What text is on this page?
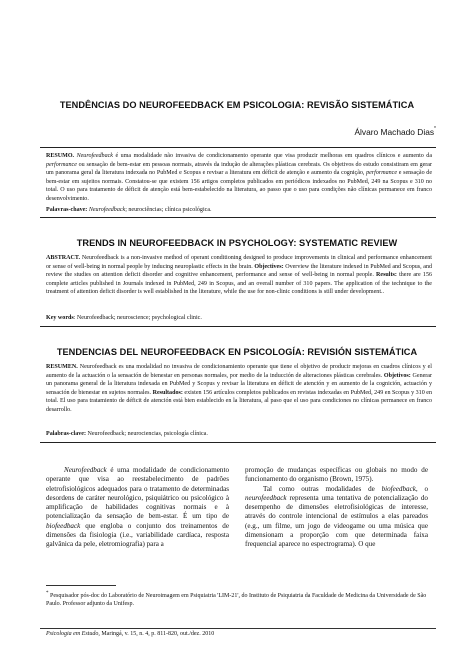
TENDÊNCIAS DO NEUROFEEDBACK EM PSICOLOGIA: REVISÃO SISTEMÁTICA
Álvaro Machado Dias*
RESUMO. Neurofeedback é uma modalidade não invasiva de condicionamento operante que visa produzir melhoras em quadros clínicos e aumento da performance ou sensação de bem-estar em pessoas normais, através da indução de alterações plásticas cerebrais. Os objetivos do estudo consistiram em gerar um panorama geral da literatura indexada no PubMed e Scopus e revisar a literatura em déficit de atenção e aumento da cognição, performance e sensação de bem-estar em sujeitos normais. Constatou-se que existem 156 artigos completos publicados em periódicos indexados no PubMed, 249 na Scopus e 310 no total. O uso para tratamento de déficit de atenção está bem-estabelecido na literatura, ao passo que o uso para condições não clínicas permanece em franco desenvolvimento.
Palavras-chave: Neurofeedback; neurociências; clínica psicológica.
TRENDS IN NEUROFEEDBACK IN PSYCHOLOGY: SYSTEMATIC REVIEW
ABSTRACT. Neurofeedback is a non-invasive method of operant conditioning designed to produce improvements in clinical and performance enhancement or sense of well-being in normal people by inducing neuroplastic effects in the brain. Objectives: Overview the literature indexed in PubMed and Scopus, and review the studies on attention deficit disorder and cognitive enhancement, performance and sense of well-being in normal people. Results: there are 156 complete articles published in Journals indexed in PubMed, 249 in Scopus, and an overall number of 310 papers. The application of the technique to the treatment of attention deficit disorder is well established in the literature, while the use for non-clinic conditions is still under development..
Key words: Neurofeedback; neuroscience; psychological clinic.
TENDENCIAS DEL NEUROFEEDBACK EN PSICOLOGÍA: REVISIÓN SISTEMÁTICA
RESUMEN. Neurofeedback es una modalidad no invasiva de condicionamiento operante que tiene el objetivo de producir mejoras en cuadros clínicos y el aumento de la actuación o la sensación de bienestar en personas normales, por medio de la inducción de alteraciones plásticas cerebrales. Objetivos: Generar un panorama general de la literatura indexada en PubMed y Scopus y revisar la literatura en déficit de atención y en aumento de la cognición, actuación y sensación de bienestar en sujetos normales. Resultados: existen 156 artículos completos publicados en revistas indexadas en PubMed, 249 en Scopus y 310 en total. El uso para tratamiento de déficit de atención está bien establecido en la literatura, al paso que el uso para condiciones no clínicas permanece en franco desarrollo.
Palabras-clave: Neurofeedback; neurociencias, psicología clínica.

Neurofeedback é uma modalidade de condicionamento operante que visa ao reestabelecimento de padrões eletrofisiológicos adequados para o tratamento de determinadas desordens de caráter neurológico, psiquiátrico ou psicológico à amplificação de habilidades cognitivas normais e à potencialização da sensação de bem-estar. É um tipo de biofeedback que engloba o conjunto dos treinamentos de dimensões da fisiologia (i.e., variabilidade cardíaca, resposta galvânica da pele, eletromiografia) para a

promoção de mudanças específicas ou globais no modo de funcionamento do organismo (Brown, 1975).

Tal como outras modalidades de biofeedback, o neurofeedback representa uma tentativa de potencialização do desempenho de dimensões eletrofisiológicas de interesse, através do controle intencional de estímulos a elas pareados (e.g., um filme, um jogo de videogame ou uma música que dimensionam a proporção com que determinada faixa frequencial aparece no espectrograma). O que

* Pesquisador pós-doc do Laboratório de Neuroimagem em Psiquiatria 'LIM-21', do Instituto de Psiquiatria da Faculdade de Medicina da Universidade de São Paulo. Professor adjunto da Unifesp.
Psicologia em Estudo, Maringá, v. 15, n. 4, p. 811-820, out./dez. 2010
